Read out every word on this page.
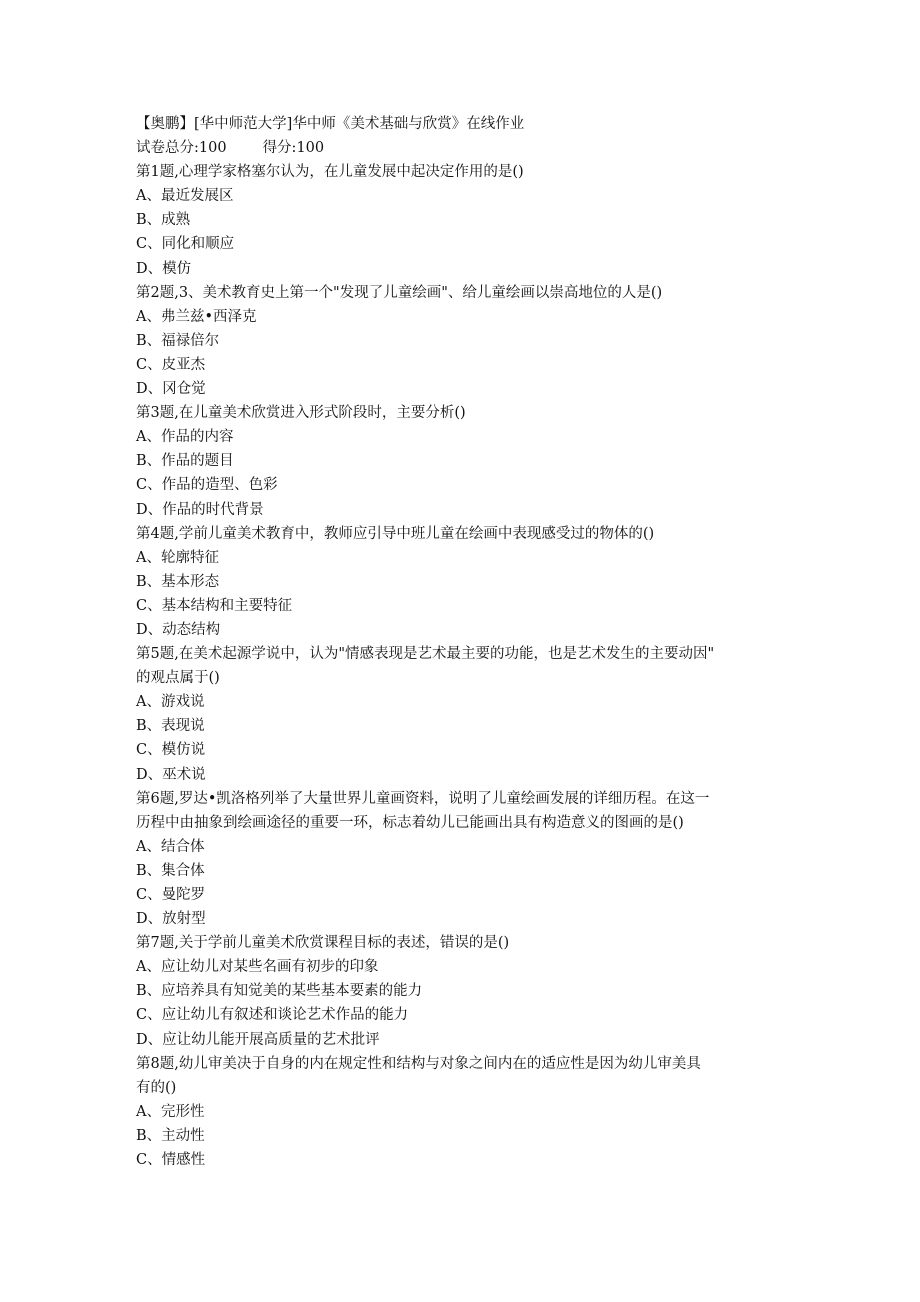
【奥鹏】[华中师范大学]华中师《美术基础与欣赏》在线作业

试卷总分:100 得分:100

第1题,心理学家格塞尔认为，在儿童发展中起决定作用的是()

A、最近发展区

B、成熟

C、同化和顺应

D、模仿

第2题,3、美术教育史上第一个"发现了儿童绘画"、给儿童绘画以崇高地位的人是()

A、弗兰兹•西泽克

B、福禄倍尔

C、皮亚杰

D、冈仓觉

第3题,在儿童美术欣赏进入形式阶段时，主要分析()

A、作品的内容

B、作品的题目

C、作品的造型、色彩

D、作品的时代背景

第4题,学前儿童美术教育中，教师应引导中班儿童在绘画中表现感受过的物体的()

A、轮廓特征

B、基本形态

C、基本结构和主要特征

D、动态结构

第5题,在美术起源学说中，认为"情感表现是艺术最主要的功能，也是艺术发生的主要动因"

的观点属于()

A、游戏说

B、表现说

C、模仿说

D、巫术说

第6题,罗达•凯洛格列举了大量世界儿童画资料，说明了儿童绘画发展的详细历程。在这一

历程中由抽象到绘画途径的重要一环，标志着幼儿已能画出具有构造意义的图画的是()

A、结合体

B、集合体

C、曼陀罗

D、放射型

第7题,关于学前儿童美术欣赏课程目标的表述，错误的是()

A、应让幼儿对某些名画有初步的印象

B、应培养具有知觉美的某些基本要素的能力

C、应让幼儿有叙述和谈论艺术作品的能力

D、应让幼儿能开展高质量的艺术批评

第8题,幼儿审美决于自身的内在规定性和结构与对象之间内在的适应性是因为幼儿审美具

有的()

A、完形性

B、主动性

C、情感性
